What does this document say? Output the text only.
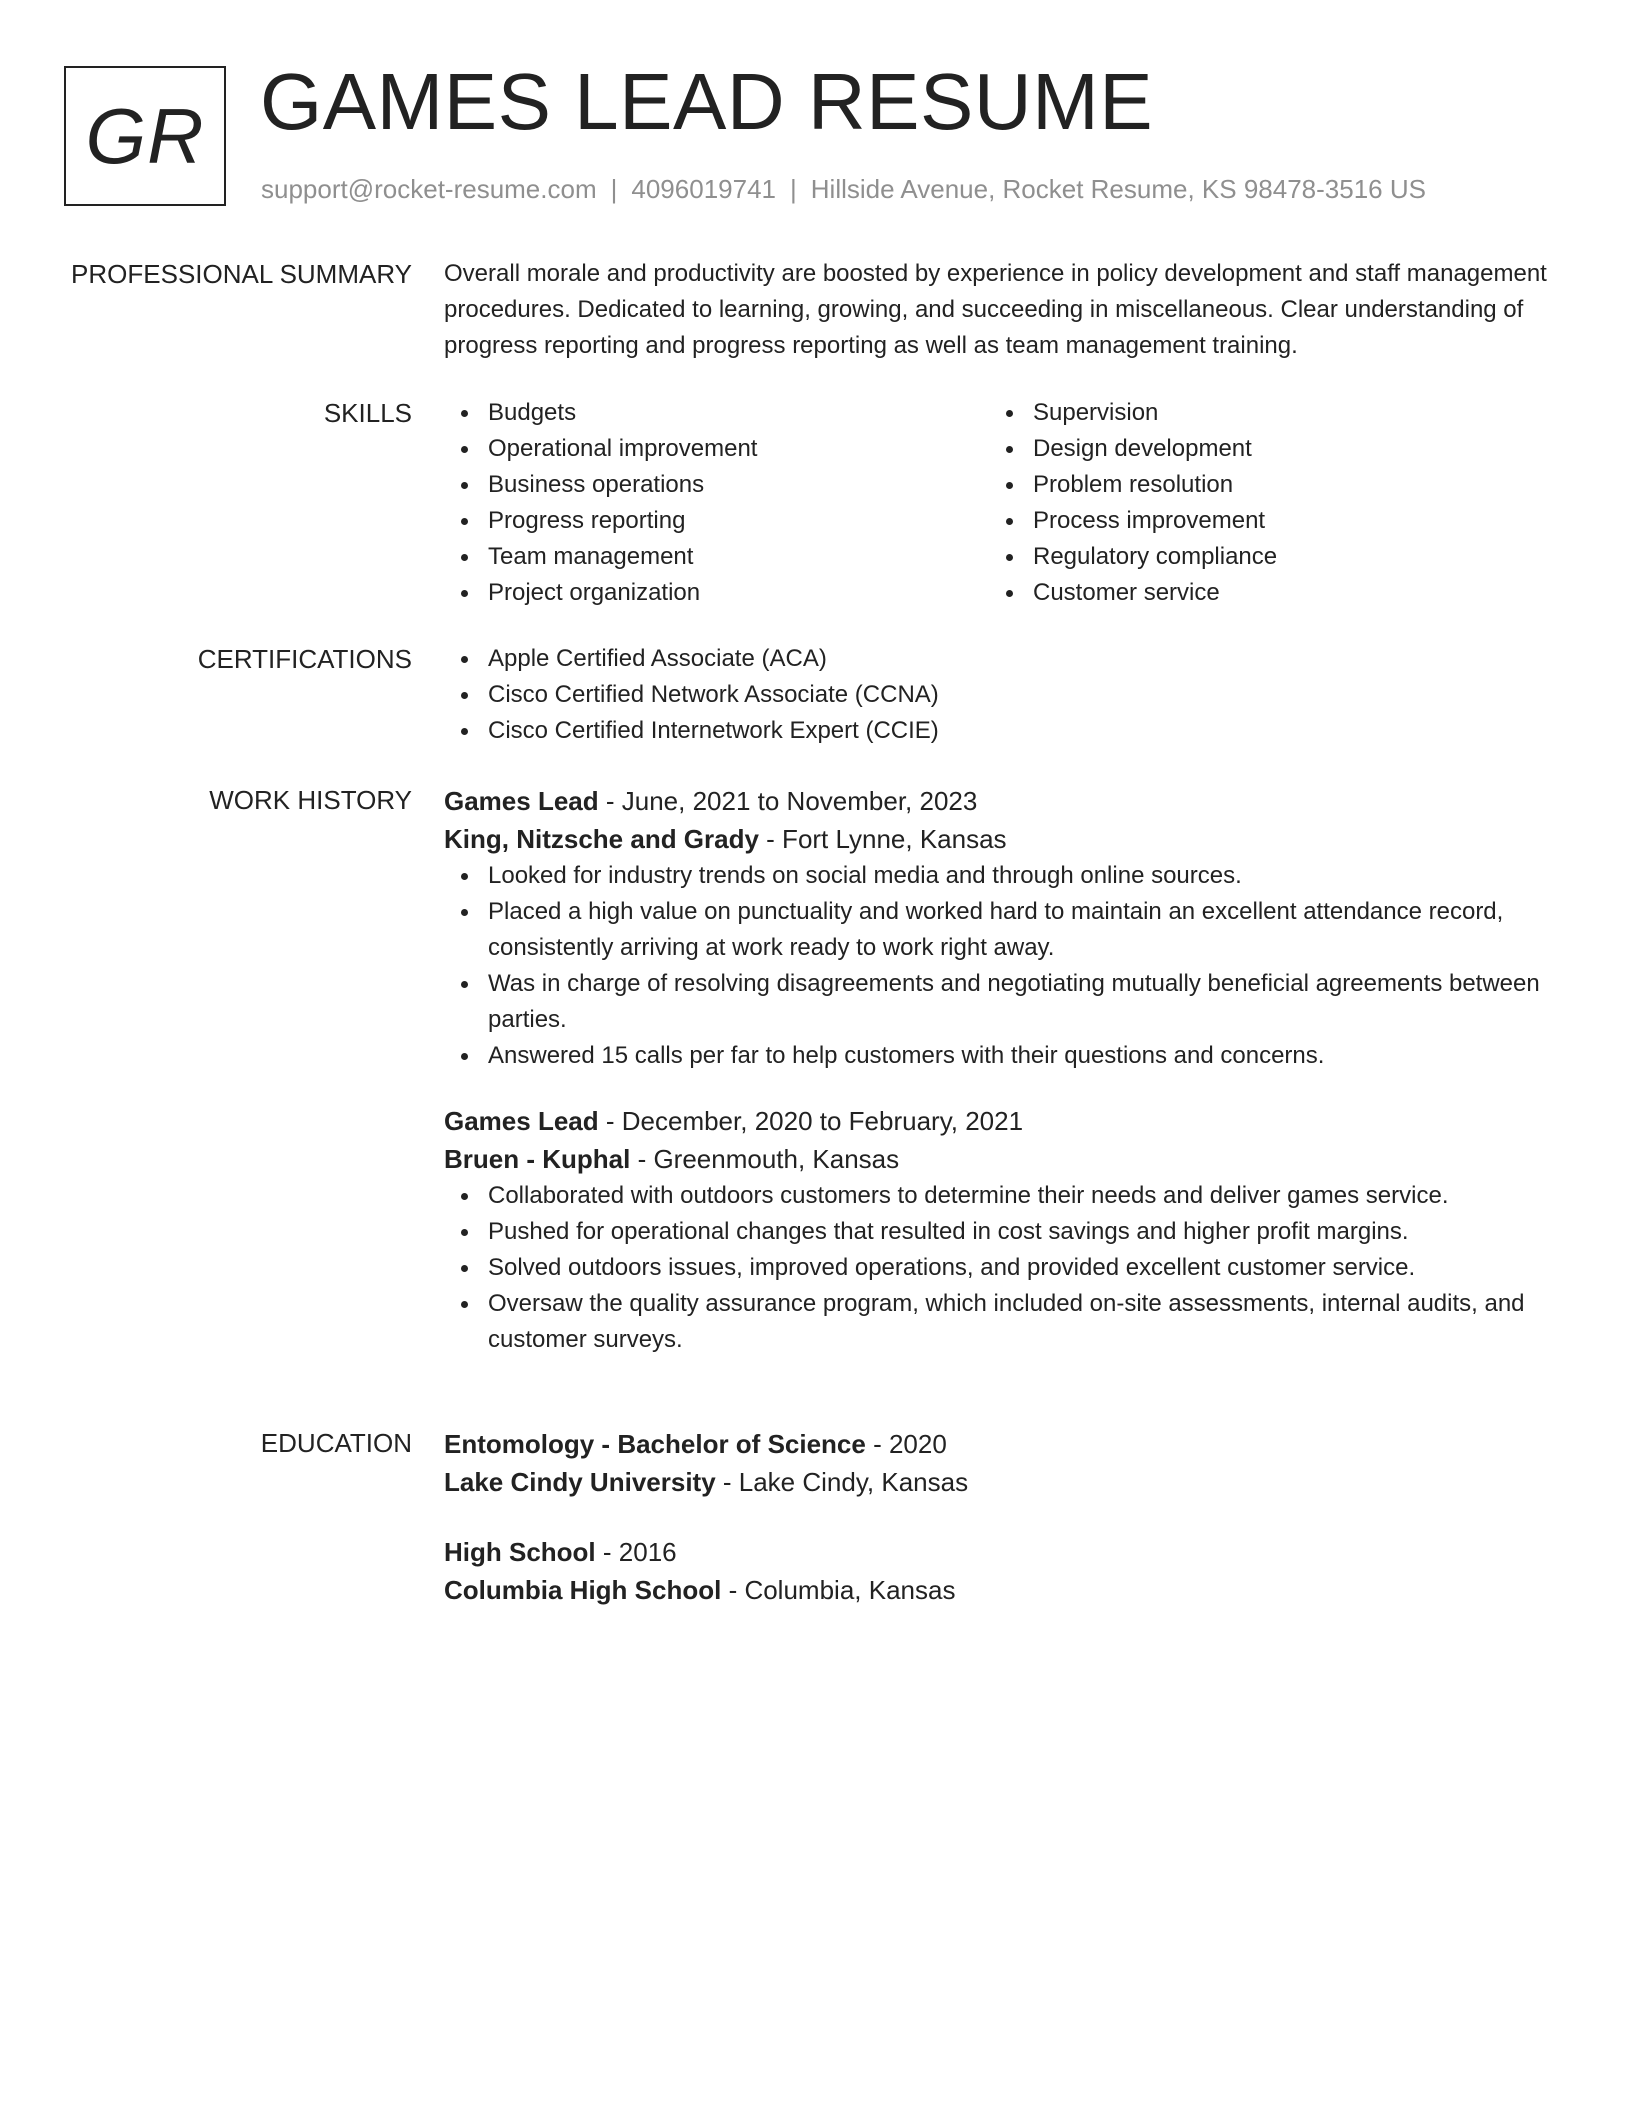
GR GAMES LEAD RESUME
support@rocket-resume.com | 4096019741 | Hillside Avenue, Rocket Resume, KS 98478-3516 US
PROFESSIONAL SUMMARY Overall morale and productivity are boosted by experience in policy development and staff management procedures. Dedicated to learning, growing, and succeeding in miscellaneous. Clear understanding of progress reporting and progress reporting as well as team management training.

SKILLS	Budgets
Operational improvement
Business operations
Progress reporting
Team management
Project organization
Supervision
Design development
Problem resolution
Process improvement
Regulatory compliance
Customer service
CERTIFICATIONS	Apple Certified Associate (ACA)
Cisco Certified Network Associate (CCNA)
Cisco Certified Internetwork Expert (CCIE)
WORK HISTORY Games Lead - June, 2021 to November, 2023
King, Nitzsche and Grady - Fort Lynne, Kansas
Looked for industry trends on social media and through online sources.
Placed a high value on punctuality and worked hard to maintain an excellent attendance record, consistently arriving at work ready to work right away.
Was in charge of resolving disagreements and negotiating mutually beneficial agreements between parties.
Answered 15 calls per far to help customers with their questions and concerns.
Games Lead - December, 2020 to February, 2021
Bruen - Kuphal - Greenmouth, Kansas
Collaborated with outdoors customers to determine their needs and deliver games service.
Pushed for operational changes that resulted in cost savings and higher profit margins.
Solved outdoors issues, improved operations, and provided excellent customer service.
Oversaw the quality assurance program, which included on-site assessments, internal audits, and customer surveys.
EDUCATION Entomology - Bachelor of Science - 2020
Lake Cindy University - Lake Cindy, Kansas
High School - 2016
Columbia High School - Columbia, Kansas
